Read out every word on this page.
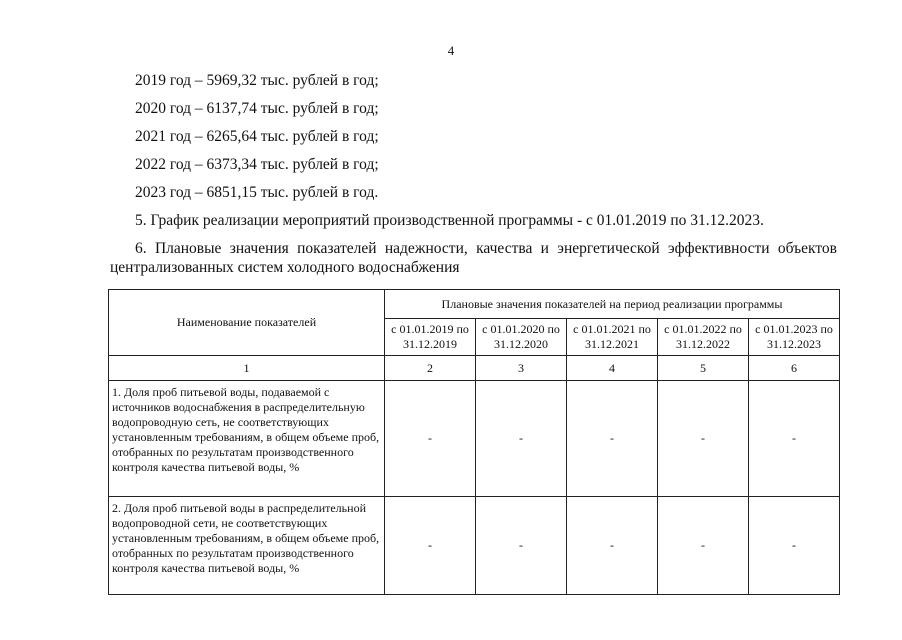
4
2019 год – 5969,32 тыс. рублей в год;
2020 год – 6137,74 тыс. рублей в год;
2021 год – 6265,64 тыс. рублей в год;
2022 год – 6373,34 тыс. рублей в год;
2023 год – 6851,15 тыс. рублей в год.
5. График реализации мероприятий производственной программы - с 01.01.2019 по 31.12.2023.
6. Плановые значения показателей надежности, качества и энергетической эффективности объектов централизованных систем холодного водоснабжения
Наименование показателей	Плановые значения показателей на период реализации программы				
	с 01.01.2019 по 31.12.2019	с 01.01.2020 по 31.12.2020	с 01.01.2021 по 31.12.2021	с 01.01.2022 по 31.12.2022	с 01.01.2023 по 31.12.2023
1	2	3	4	5	6
1. Доля проб питьевой воды, подаваемой с источников водоснабжения в распределительную водопроводную сеть, не соответствующих установленным требованиям, в общем объеме проб, отобранных по результатам производственного контроля качества питьевой воды, %	-	-	-	-	-
2. Доля проб питьевой воды в распределительной водопроводной сети, не соответствующих установленным требованиям, в общем объеме проб, отобранных по результатам производственного контроля качества питьевой воды, %	-	-	-	-	-
